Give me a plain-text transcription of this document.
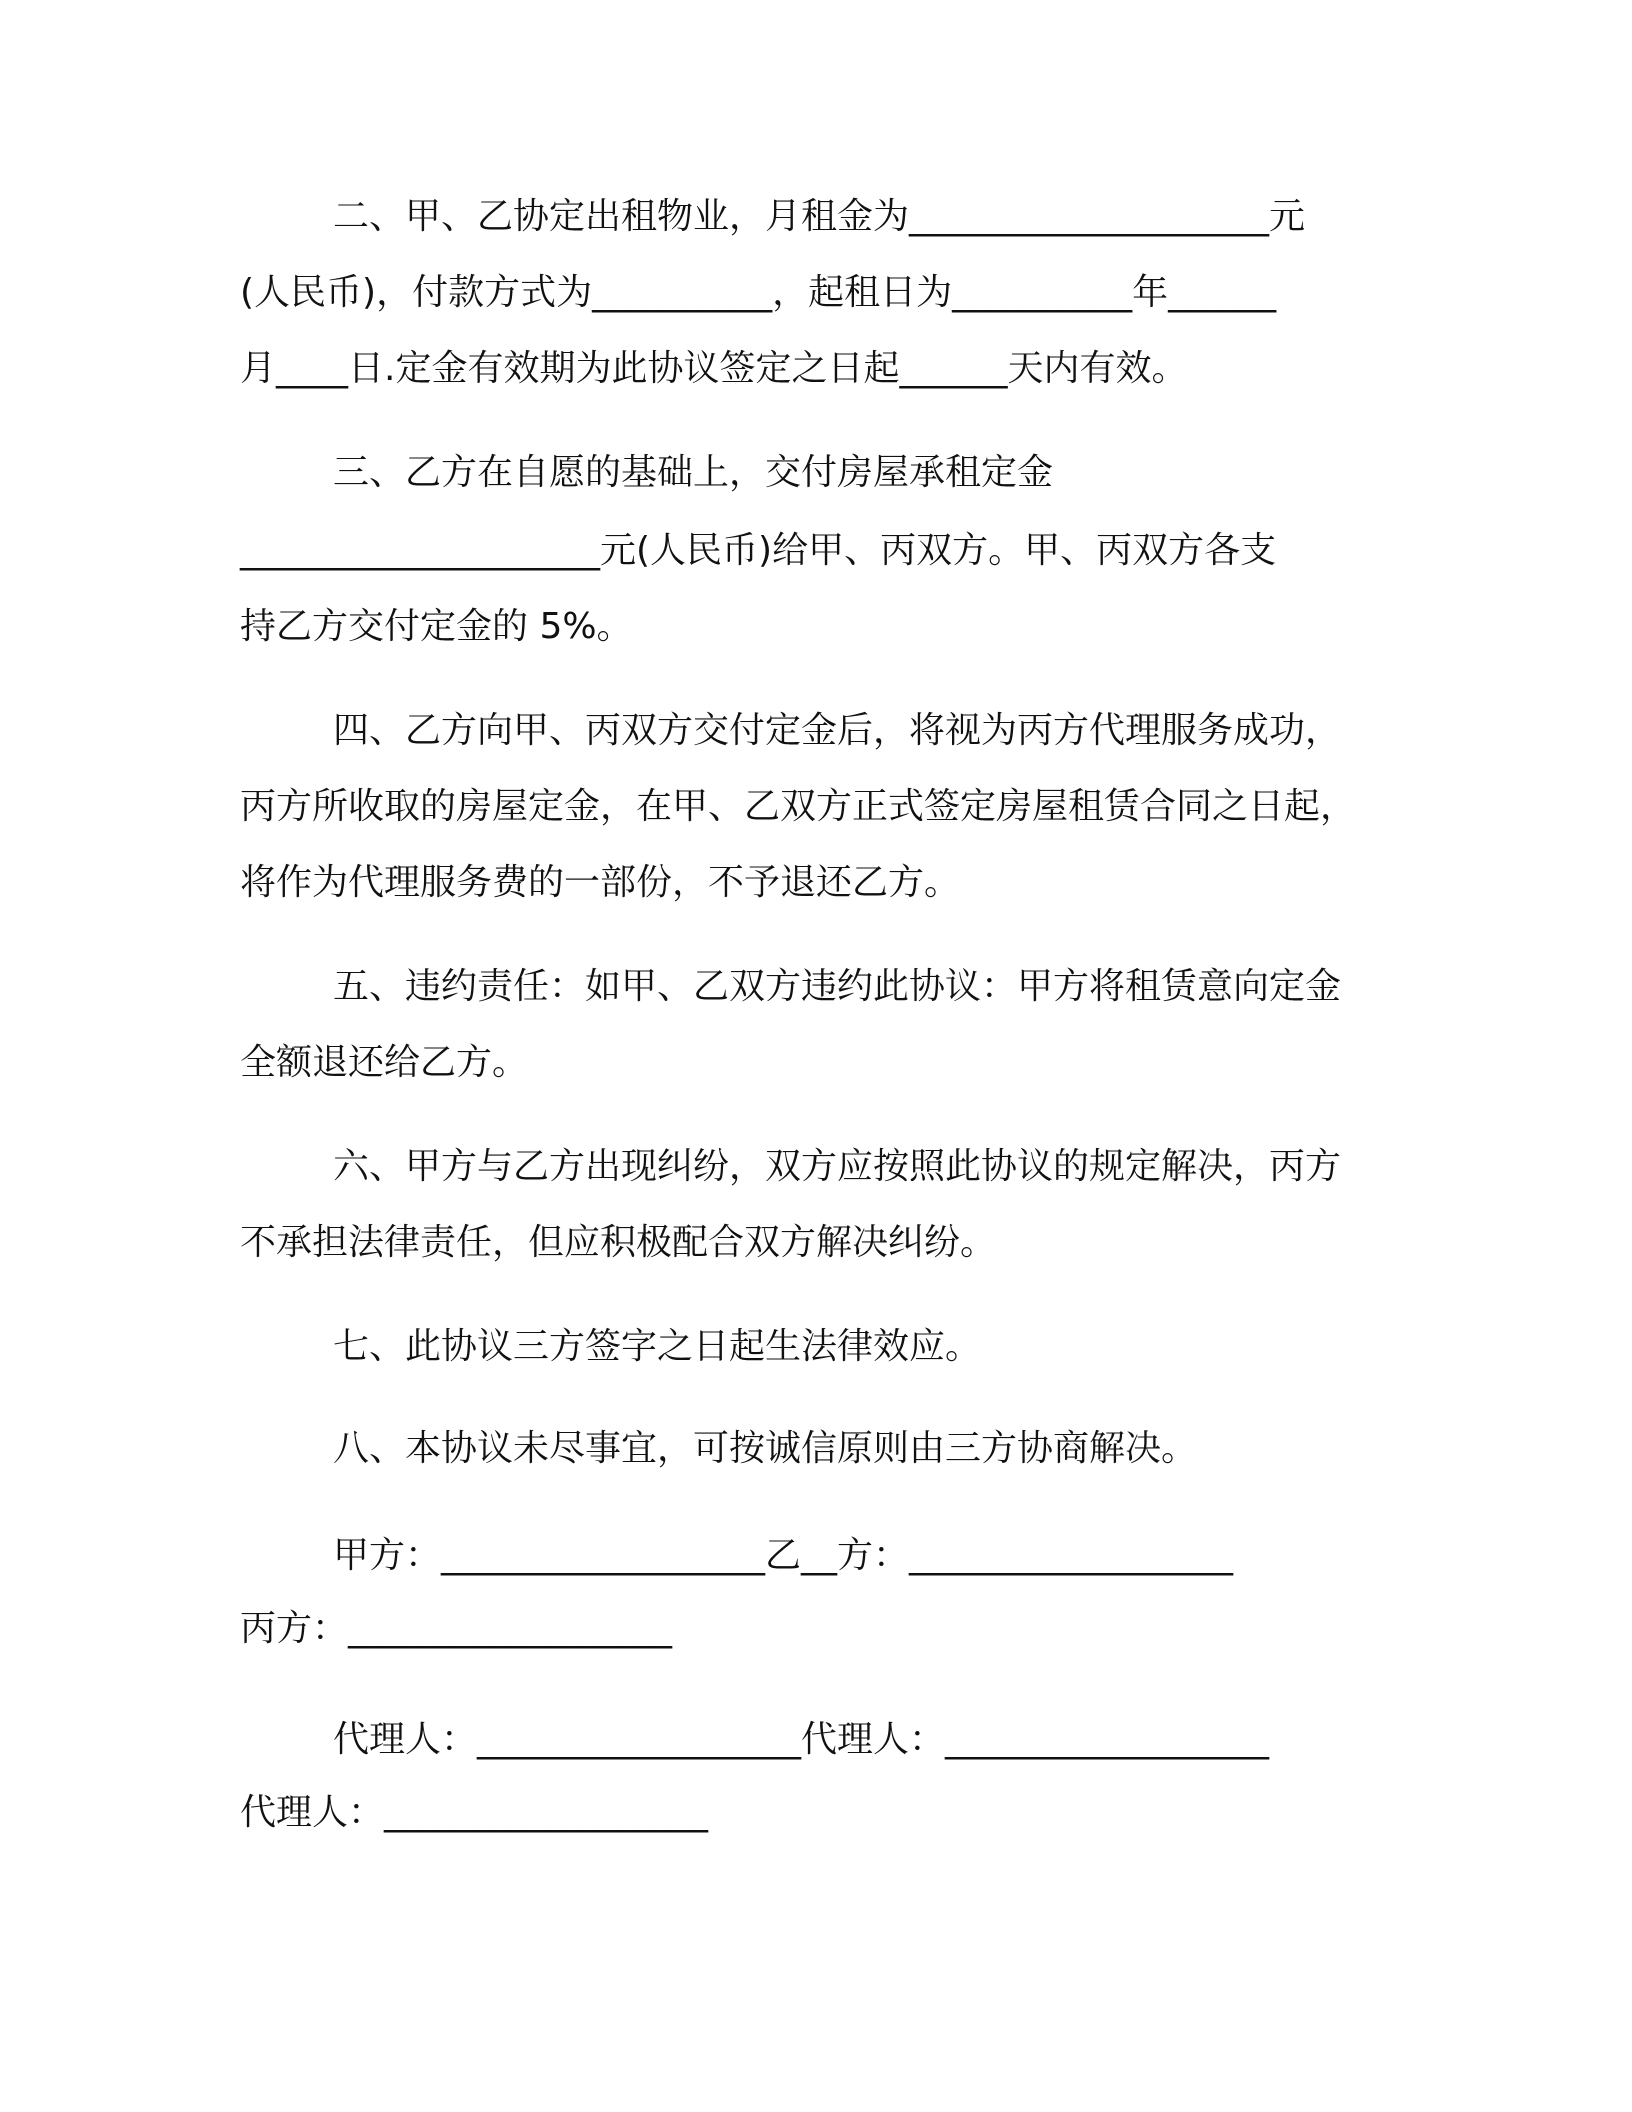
二、甲、乙协定出租物业，月租金为____________________元
(人民币)，付款方式为__________，起租日为__________年______
月____日.定金有效期为此协议签定之日起______天内有效。
三、乙方在自愿的基础上，交付房屋承租定金
____________________元(人民币)给甲、丙双方。甲、丙双方各支
持乙方交付定金的 5%。
四、乙方向甲、丙双方交付定金后，将视为丙方代理服务成功，
丙方所收取的房屋定金，在甲、乙双方正式签定房屋租赁合同之日起，
将作为代理服务费的一部份，不予退还乙方。
五、违约责任：如甲、乙双方违约此协议：甲方将租赁意向定金
全额退还给乙方。
六、甲方与乙方出现纠纷，双方应按照此协议的规定解决，丙方
不承担法律责任，但应积极配合双方解决纠纷。
七、此协议三方签字之日起生法律效应。
八、本协议未尽事宜，可按诚信原则由三方协商解决。
甲方：__________________乙__方：__________________
丙方：__________________
代理人：__________________代理人：__________________
代理人：__________________
